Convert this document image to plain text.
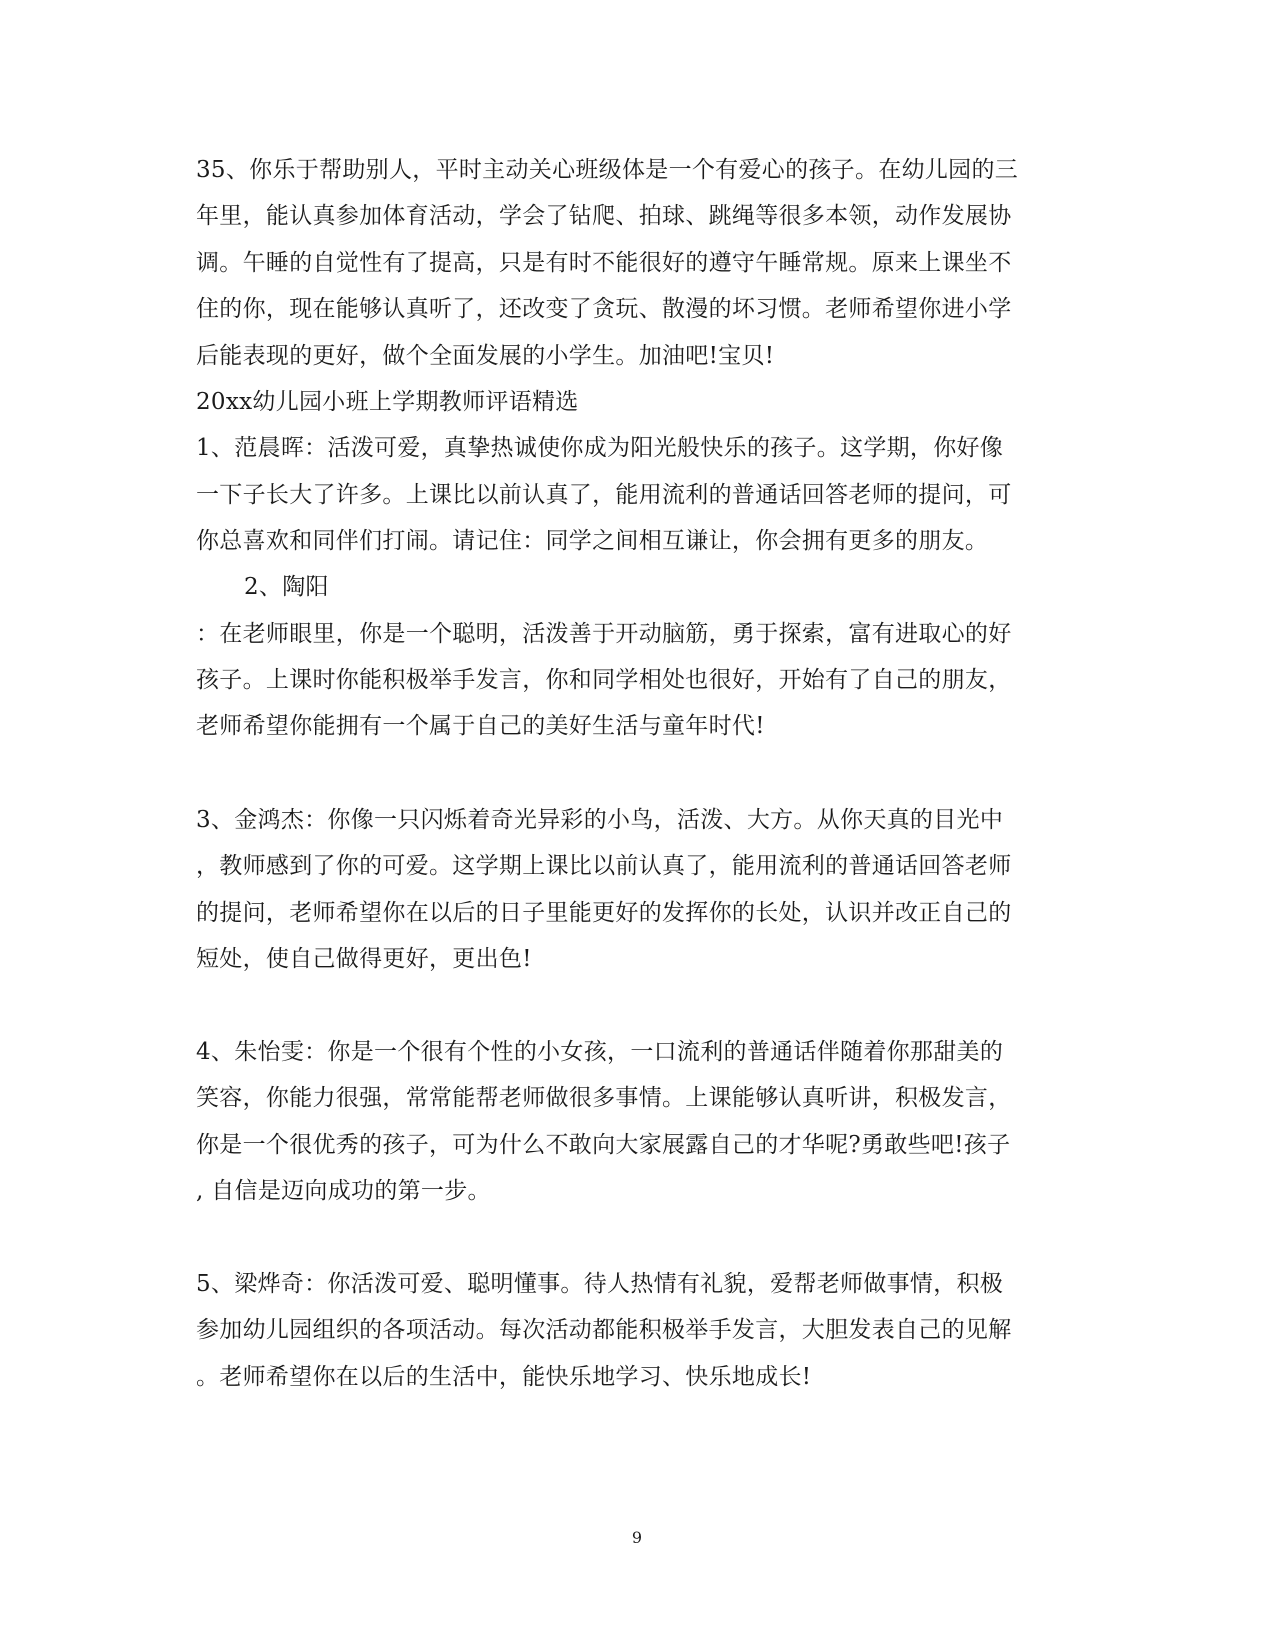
35、你乐于帮助别人，平时主动关心班级体是一个有爱心的孩子。在幼儿园的三
年里，能认真参加体育活动，学会了钻爬、拍球、跳绳等很多本领，动作发展协
调。午睡的自觉性有了提高，只是有时不能很好的遵守午睡常规。原来上课坐不
住的你，现在能够认真听了，还改变了贪玩、散漫的坏习惯。老师希望你进小学
后能表现的更好，做个全面发展的小学生。加油吧!宝贝!
20xx幼儿园小班上学期教师评语精选
1、范晨晖：活泼可爱，真挚热诚使你成为阳光般快乐的孩子。这学期，你好像
一下子长大了许多。上课比以前认真了，能用流利的普通话回答老师的提问，可
你总喜欢和同伴们打闹。请记住：同学之间相互谦让，你会拥有更多的朋友。
2、陶阳
：在老师眼里，你是一个聪明，活泼善于开动脑筋，勇于探索，富有进取心的好
孩子。上课时你能积极举手发言，你和同学相处也很好，开始有了自己的朋友，
老师希望你能拥有一个属于自己的美好生活与童年时代!
3、金鸿杰：你像一只闪烁着奇光异彩的小鸟，活泼、大方。从你天真的目光中
，教师感到了你的可爱。这学期上课比以前认真了，能用流利的普通话回答老师
的提问，老师希望你在以后的日子里能更好的发挥你的长处，认识并改正自己的
短处，使自己做得更好，更出色!
4、朱怡雯：你是一个很有个性的小女孩，一口流利的普通话伴随着你那甜美的
笑容，你能力很强，常常能帮老师做很多事情。上课能够认真听讲，积极发言，
你是一个很优秀的孩子，可为什么不敢向大家展露自己的才华呢?勇敢些吧!孩子
, 自信是迈向成功的第一步。
5、梁烨奇：你活泼可爱、聪明懂事。待人热情有礼貌，爱帮老师做事情，积极
参加幼儿园组织的各项活动。每次活动都能积极举手发言，大胆发表自己的见解
。老师希望你在以后的生活中，能快乐地学习、快乐地成长!
9
